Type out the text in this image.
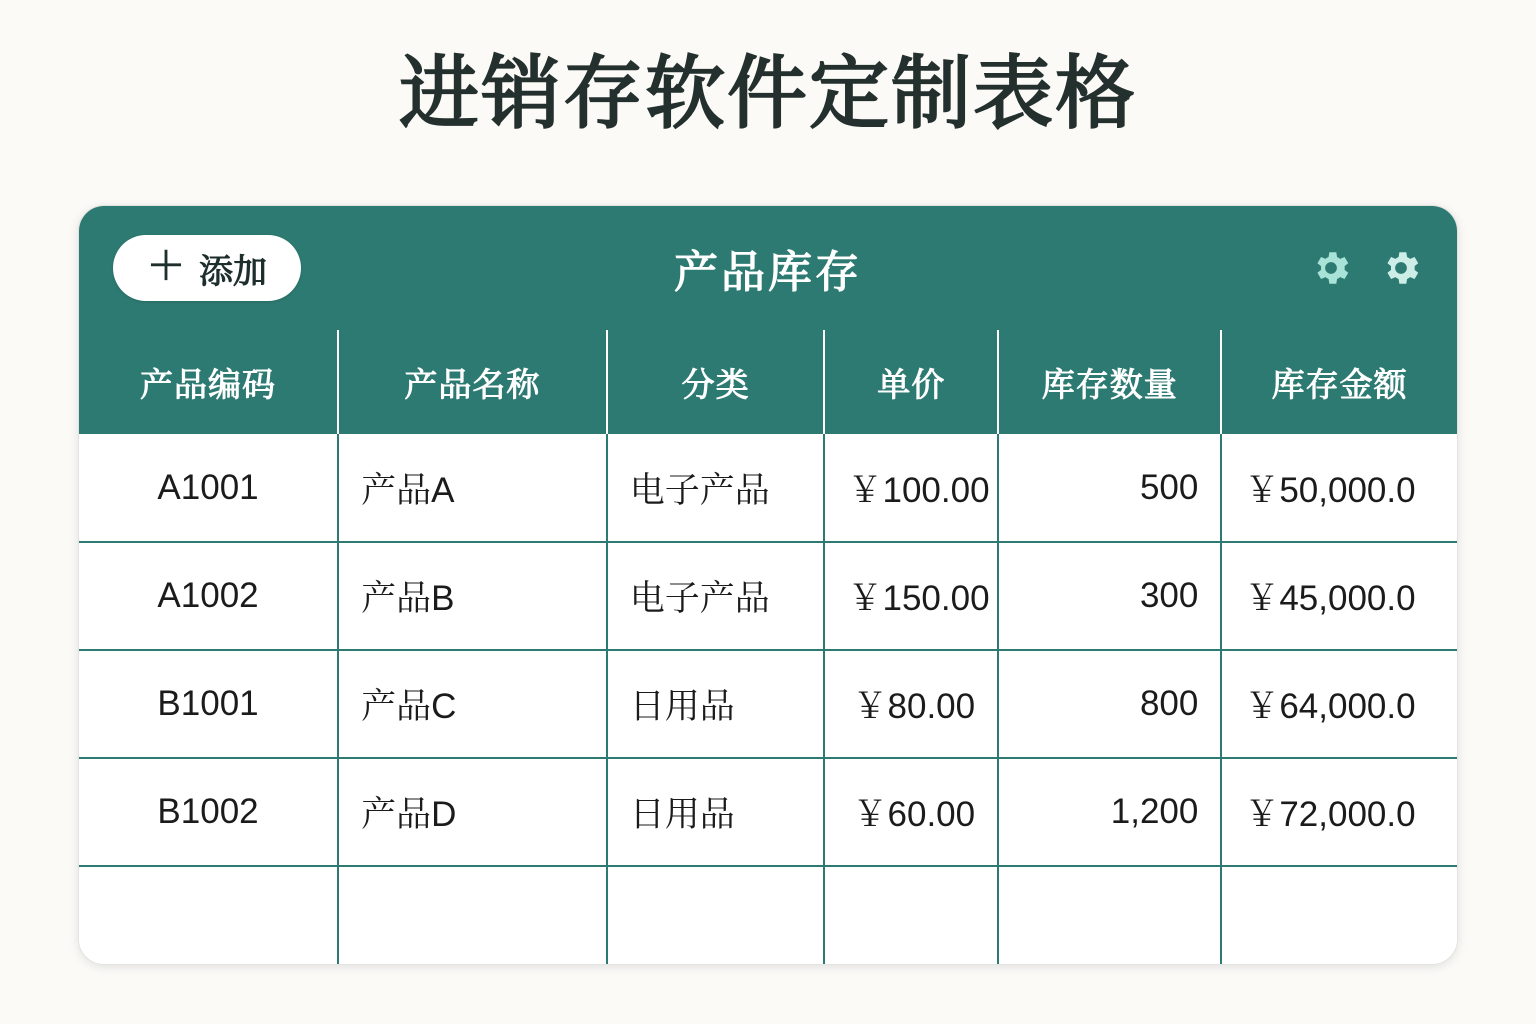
进销存软件定制表格
＋ 添加	产品库存
产品编码	产品名称	分类	单价	库存数量	库存金额
A1001	产品A	电子产品	￥100.00	500	￥50,000.0
A1002	产品B	电子产品	￥150.00	300	￥45,000.0
B1001	产品C	日用品	￥80.00	800	￥64,000.0
B1002	产品D	日用品	￥60.00	1,200	￥72,000.0
